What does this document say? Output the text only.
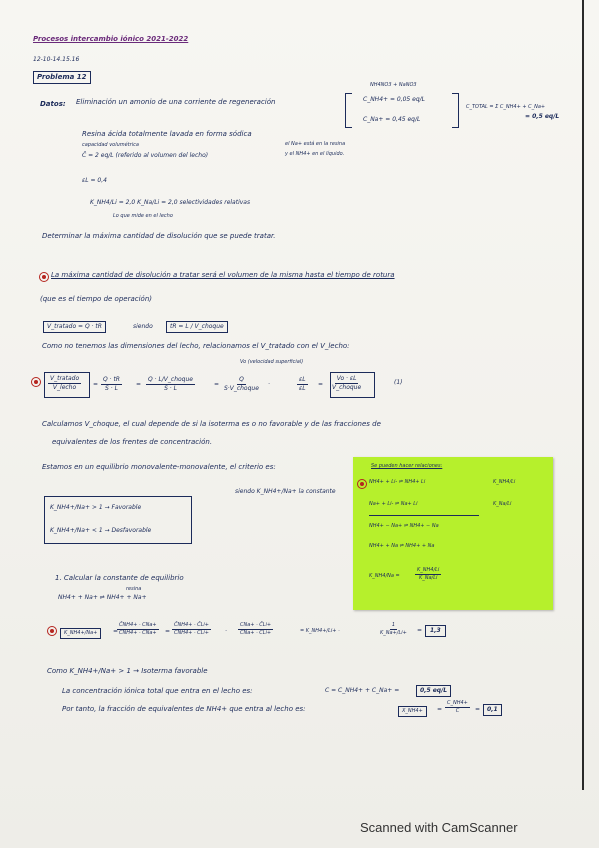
Procesos intercambio iónico 2021-2022
12-10-14.15.16
Problema 12
Datos: Eliminación un amonio de una corriente de regeneración
NH4NO3 + NaNO3
C_NH4+ = 0,05 eq/L
C_Na+ = 0,45 eq/L
C_TOTAL = Σ C_NH4+ + C_Na+
= 0,5 eq/L
Resina ácida totalmente lavada en forma sódica
capacidad volumétrica
C̄ = 2 eq/L (referido al volumen del lecho)
el Na+ está en la resina
y el NH4+ en el líquido.
εL = 0,4
K_NH4/Li = 2,0 K_Na/Li = 2,0 selectividades relativas
Lo que mide en el lecho
Determinar la máxima cantidad de disolución que se puede tratar.
La máxima cantidad de disolución a tratar será el volumen de la misma hasta el tiempo de rotura
(que es el tiempo de operación)
V_tratado = Q · tR	siendo	tR = L / V_choque
Como no tenemos las dimensiones del lecho, relacionamos el V_tratado con el V_lecho:
Vo (velocidad superficial)
V_tratado
V_lecho	= $\frac{Q \cdot tR}{S \cdot L}$ =
Q · L/V_choque
S · L
=
Q
S·V_choque
·	$\frac{\varepsilon L}{\varepsilon L}$ =
Vo · εL
V_choque
(1)
Calculamos V_choque, el cual depende de si la isoterma es o no favorable y de las fracciones de
equivalentes de los frentes de concentración.
Estamos en un equilibrio monovalente-monovalente, el criterio es:
K_NH4+/Na+ > 1 → Favorable
K_NH4+/Na+ < 1 → Desfavorable
siendo K_NH4+/Na+ la constante
Se pueden hacer relaciones:
NH4+ + Li- ⇌ NH4+ Li	K_NH4/Li
Na+ + Li- ⇌ Na+ Li	K_Na/Li
NH4+ − Na+ ⇌ NH4+ − Na
NH4+ + Na ⇌ NH4+ + Na
K_NH4/Na =	$\frac{K\_NH4/Li}{K\_Na/Li}$
1. Calcular la constante de equilibrio
resina
NH4+ + Na+ ⇌ NH4+ + Na+
K_NH4+/Na+	=
C̄NH4+ · CNa+
CNH4+ · C̄Na+ =
C̄NH4+ · C̄Li+
CNH4+ · C̄Li+	·
CNa+ · C̄Li+
C̄Na+ · CLi+	= K_NH4+/Li+ ·	$\frac{1}{K\_Na+/Li+}$ =	1,3
Como K_NH4+/Na+ > 1 → Isoterma favorable
La concentración iónica total que entra en el lecho es:	C = C_NH4+ + C_Na+ =	0,5 eq/L
Por tanto, la fracción de equivalentes de NH4+ que entra al lecho es:	X_NH4+	= $\frac{C\_NH4+}{C}$ =	0,1
Scanned with CamScanner
